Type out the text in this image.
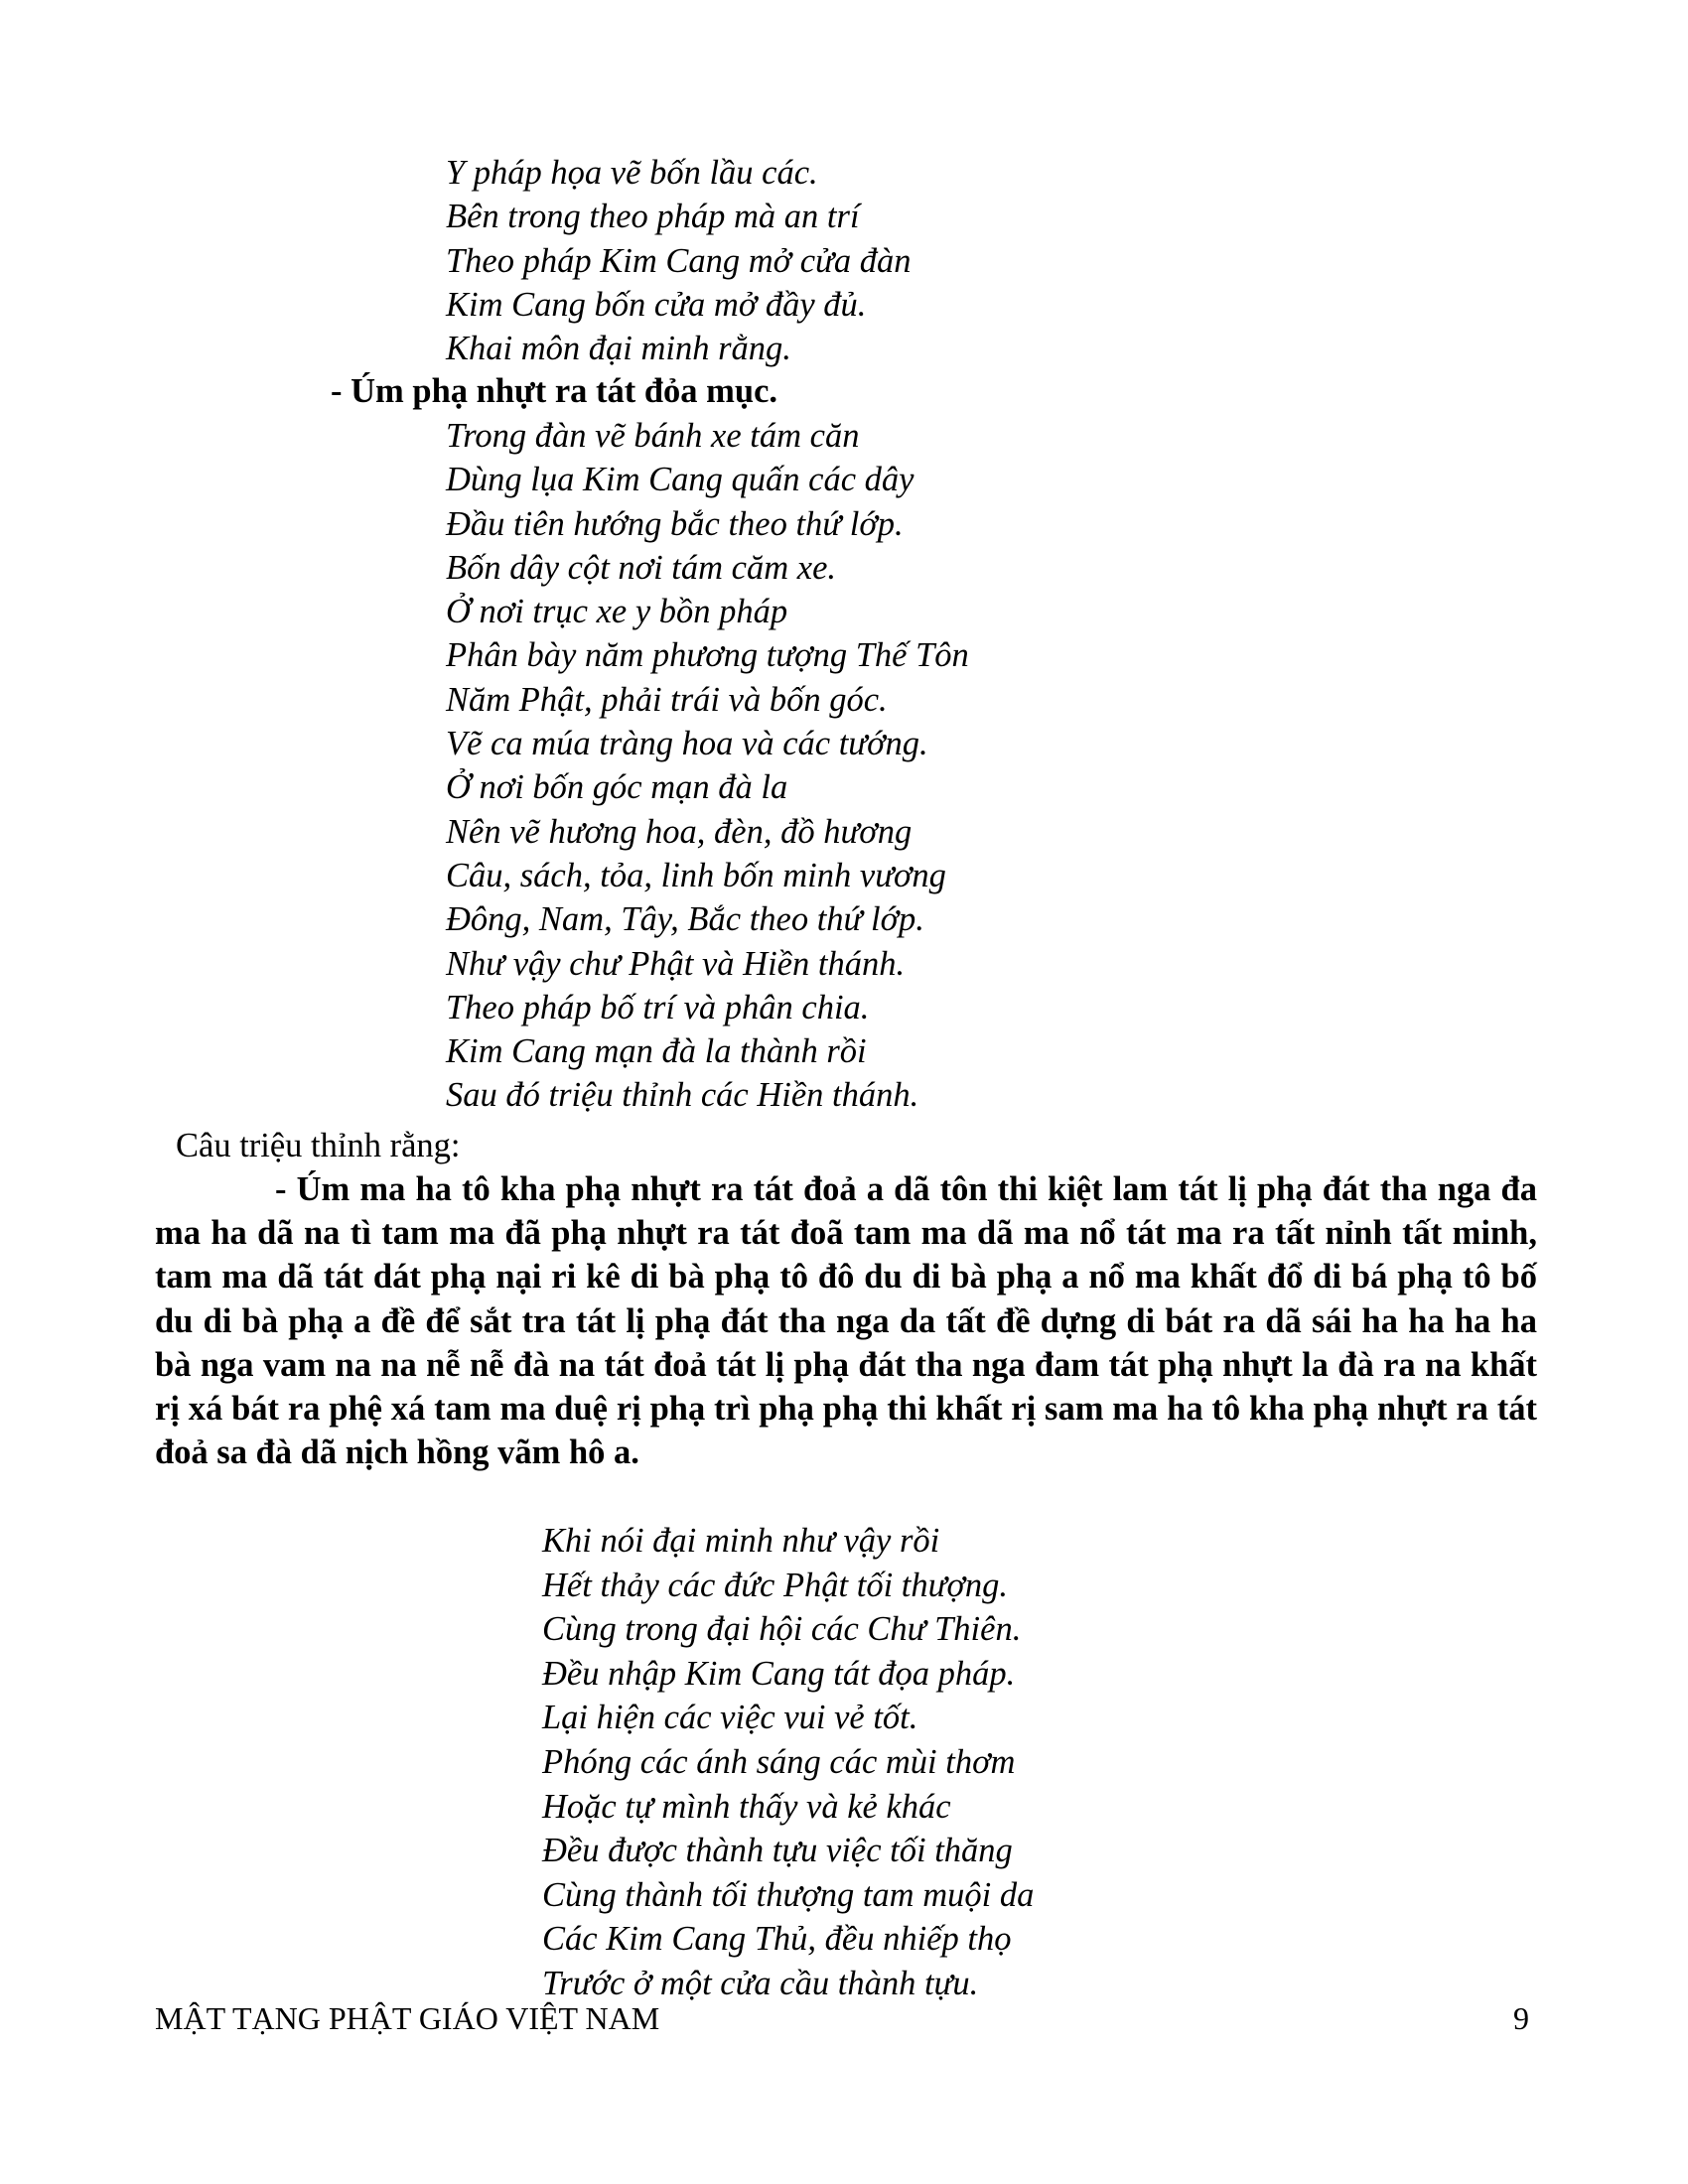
Y pháp họa vẽ bốn lầu các.
Bên trong theo pháp mà an trí
Theo pháp Kim Cang mở cửa đàn
Kim Cang bốn cửa mở đầy đủ.
Khai môn đại minh rằng.
- Úm phạ nhựt ra tát đỏa mục.
Trong đàn vẽ bánh xe tám căn
Dùng lụa Kim Cang quấn các dây
Đầu tiên hướng bắc theo thứ lớp.
Bốn dây cột nơi tám căm xe.
Ở nơi trục xe y bồn pháp
Phân bày năm phương tượng Thế Tôn
Năm Phật, phải trái và bốn góc.
Vẽ ca múa tràng hoa và các tướng.
Ở nơi bốn góc mạn đà la
Nên vẽ hương hoa, đèn, đồ hương
Câu, sách, tỏa, linh bốn minh vương
Đông, Nam, Tây, Bắc theo thứ lớp.
Như vậy chư Phật và Hiền thánh.
Theo pháp bố trí và phân chia.
Kim Cang mạn đà la thành rồi
Sau đó triệu thỉnh các Hiền thánh.
Câu triệu thỉnh rằng:

- Úm ma ha tô kha phạ nhựt ra tát đoả a dã tôn thi kiệt lam tát lị phạ đát tha nga đa ma ha dã na tì tam ma đã phạ nhựt ra tát đoã tam ma dã ma nổ tát ma ra tất nỉnh tất minh, tam ma dã tát dát phạ nại ri kê di bà phạ tô đô du di bà phạ a nổ ma khất đổ di bá phạ tô bố du di bà phạ a đề để sắt tra tát lị phạ đát tha nga da tất đề dựng di bát ra dã sái ha ha ha ha bà nga vam na na nễ nễ đà na tát đoả tát lị phạ đát tha nga đam tát phạ nhựt la đà ra na khất rị xá bát ra phệ xá tam ma duệ rị phạ trì phạ phạ thi khất rị sam ma ha tô kha phạ nhựt ra tát đoả sa đà dã nịch hồng vãm hô a.

Khi nói đại minh như vậy rồi
Hết thảy các đức Phật tối thượng.
Cùng trong đại hội các Chư Thiên.
Đều nhập Kim Cang tát đọa pháp.
Lại hiện các việc vui vẻ tốt.
Phóng các ánh sáng các mùi thơm
Hoặc tự mình thấy và kẻ khác
Đều được thành tựu việc tối thăng
Cùng thành tối thượng tam muội da
Các Kim Cang Thủ, đều nhiếp thọ
Trước ở một cửa cầu thành tựu.
MẬT TẠNG PHẬT GIÁO VIỆT NAM	9
